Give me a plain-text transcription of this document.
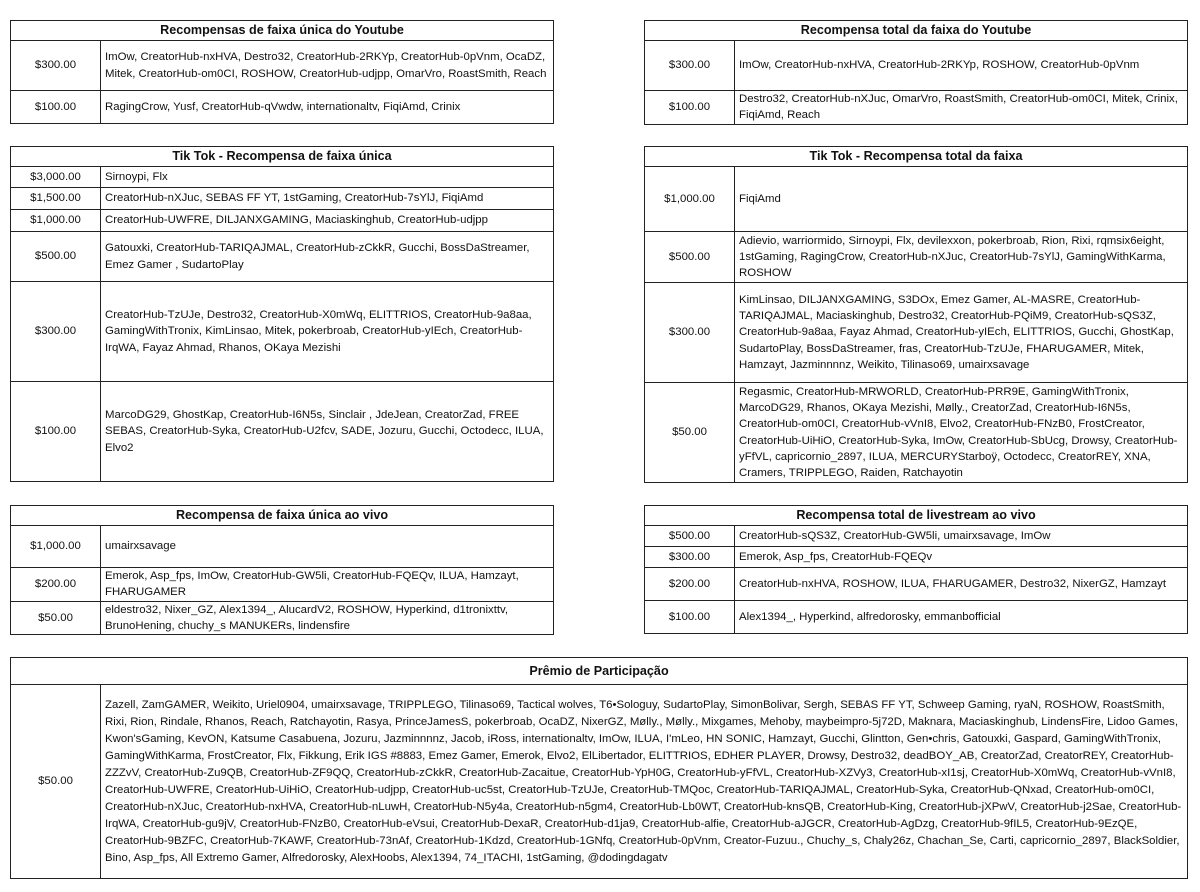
Recompensas de faixa única do Youtube	
$300.00	ImOw, CreatorHub-nxHVA, Destro32, CreatorHub-2RKYp, CreatorHub-0pVnm, OcaDZ, Mitek, CreatorHub-om0CI, ROSHOW, CreatorHub-udjpp, OmarVro, RoastSmith, Reach
$100.00	RagingCrow, Yusf, CreatorHub-qVwdw, internationaltv, FiqiAmd, Crinix
Recompensa total da faixa do Youtube	
$300.00	ImOw, CreatorHub-nxHVA, CreatorHub-2RKYp, ROSHOW, CreatorHub-0pVnm
$100.00	Destro32, CreatorHub-nXJuc, OmarVro, RoastSmith, CreatorHub-om0CI, Mitek, Crinix, FiqiAmd, Reach
Tik Tok - Recompensa de faixa única	
$3,000.00	Sirnoypi, Flx
$1,500.00	CreatorHub-nXJuc, SEBAS FF YT, 1stGaming, CreatorHub-7sYlJ, FiqiAmd
$1,000.00	CreatorHub-UWFRE, DILJANXGAMING, Maciaskinghub, CreatorHub-udjpp
$500.00	Gatouxki, CreatorHub-TARIQAJMAL, CreatorHub-zCkkR, Gucchi, BossDaStreamer, Emez Gamer , SudartoPlay
$300.00	CreatorHub-TzUJe, Destro32, CreatorHub-X0mWq, ELITTRIOS, CreatorHub-9a8aa, GamingWithTronix, KimLinsao, Mitek, pokerbroab, CreatorHub-yIEch, CreatorHub-IrqWA, Fayaz Ahmad, Rhanos, OKaya Mezishi
$100.00	MarcoDG29, GhostKap, CreatorHub-I6N5s, Sinclair , JdeJean, CreatorZad, FREE SEBAS, CreatorHub-Syka, CreatorHub-U2fcv, SADE, Jozuru, Gucchi, Octodecc, ILUA, Elvo2
Tik Tok - Recompensa total da faixa	
$1,000.00	FiqiAmd
$500.00	Adievio, warriormido, Sirnoypi, Flx, devilexxon, pokerbroab, Rion, Rixi, rqmsix6eight, 1stGaming, RagingCrow, CreatorHub-nXJuc, CreatorHub-7sYlJ, GamingWithKarma, ROSHOW
$300.00	KimLinsao, DILJANXGAMING, S3DOx, Emez Gamer, AL-MASRE, CreatorHub-TARIQAJMAL, Maciaskinghub, Destro32, CreatorHub-PQiM9, CreatorHub-sQS3Z, CreatorHub-9a8aa, Fayaz Ahmad, CreatorHub-yIEch, ELITTRIOS, Gucchi, GhostKap, SudartoPlay, BossDaStreamer, fras, CreatorHub-TzUJe, FHARUGAMER, Mitek, Hamzayt, Jazminnnnz, Weikito, Tilinaso69, umairxsavage
$50.00	Regasmic, CreatorHub-MRWORLD, CreatorHub-PRR9E, GamingWithTronix, MarcoDG29, Rhanos, OKaya Mezishi, Mølly., CreatorZad, CreatorHub-I6N5s, CreatorHub-om0CI, CreatorHub-vVnI8, Elvo2, CreatorHub-FNzB0, FrostCreator, CreatorHub-UiHiO, CreatorHub-Syka, ImOw, CreatorHub-SbUcg, Drowsy, CreatorHub-yFfVL, capricornio_2897, ILUA, MERCURYStarboÿ, Octodecc, CreatorREY, XNA, Cramers, TRIPPLEGO, Raiden, Ratchayotin
Recompensa de faixa única ao vivo	
$1,000.00	umairxsavage
$200.00	Emerok, Asp_fps, ImOw, CreatorHub-GW5li, CreatorHub-FQEQv, ILUA, Hamzayt, FHARUGAMER
$50.00	eldestro32, Nixer_GZ, Alex1394_, AlucardV2, ROSHOW, Hyperkind, d1tronixttv, BrunoHening, chuchy_s MANUKERs, lindensfire
Recompensa total de livestream ao vivo	
$500.00	CreatorHub-sQS3Z, CreatorHub-GW5li, umairxsavage, ImOw
$300.00	Emerok, Asp_fps, CreatorHub-FQEQv
$200.00	CreatorHub-nxHVA, ROSHOW, ILUA, FHARUGAMER, Destro32, NixerGZ, Hamzayt
$100.00	Alex1394_, Hyperkind, alfredorosky, emmanbofficial
Prêmio de Participação
$50.00	Zazell, ZamGAMER, Weikito, Uriel0904, umairxsavage, TRIPPLEGO, Tilinaso69, Tactical wolves, T6•Sologuy, SudartoPlay, SimonBolivar, Sergh, SEBAS FF YT, Schweep Gaming, ryaN, ROSHOW, RoastSmith, Rixi, Rion, Rindale, Rhanos, Reach, Ratchayotin, Rasya, PrinceJamesS, pokerbroab, OcaDZ, NixerGZ, Mølly., Mølly., Mixgames, Mehoby, maybeimpro-5j72D, Maknara, Maciaskinghub, LindensFire, Lidoo Games, Kwon'sGaming, KevON, Katsume Casabuena, Jozuru, Jazminnnnz, Jacob, iRoss, internationaltv, ImOw, ILUA, I'mLeo, HN SONIC, Hamzayt, Gucchi, Glintton, Gen•chris, Gatouxki, Gaspard, GamingWithTronix, GamingWithKarma, FrostCreator, Flx, Fikkung, Erik IGS #8883, Emez Gamer, Emerok, Elvo2, ElLibertador, ELITTRIOS, EDHER PLAYER, Drowsy, Destro32, deadBOY_AB, CreatorZad, CreatorREY, CreatorHub-ZZZvV, CreatorHub-Zu9QB, CreatorHub-ZF9QQ, CreatorHub-zCkkR, CreatorHub-Zacaitue, CreatorHub-YpH0G, CreatorHub-yFfVL, CreatorHub-XZVy3, CreatorHub-xI1sj, CreatorHub-X0mWq, CreatorHub-vVnI8, CreatorHub-UWFRE, CreatorHub-UiHiO, CreatorHub-udjpp, CreatorHub-uc5st, CreatorHub-TzUJe, CreatorHub-TMQoc, CreatorHub-TARIQAJMAL, CreatorHub-Syka, CreatorHub-QNxad, CreatorHub-om0CI, CreatorHub-nXJuc, CreatorHub-nxHVA, CreatorHub-nLuwH, CreatorHub-N5y4a, CreatorHub-n5gm4, CreatorHub-Lb0WT, CreatorHub-knsQB, CreatorHub-King, CreatorHub-jXPwV, CreatorHub-j2Sae, CreatorHub-IrqWA, CreatorHub-gu9jV, CreatorHub-FNzB0, CreatorHub-eVsui, CreatorHub-DexaR, CreatorHub-d1ja9, CreatorHub-alfie, CreatorHub-aJGCR, CreatorHub-AgDzg, CreatorHub-9fIL5, CreatorHub-9EzQE, CreatorHub-9BZFC, CreatorHub-7KAWF, CreatorHub-73nAf, CreatorHub-1Kdzd, CreatorHub-1GNfq, CreatorHub-0pVnm, Creator-Fuzuu., Chuchy_s, Chaly26z, Chachan_Se, Carti, capricornio_2897, BlackSoldier, Bino, Asp_fps, All Extremo Gamer, Alfredorosky, AlexHoobs, Alex1394, 74_ITACHI, 1stGaming, @dodingdagatv
